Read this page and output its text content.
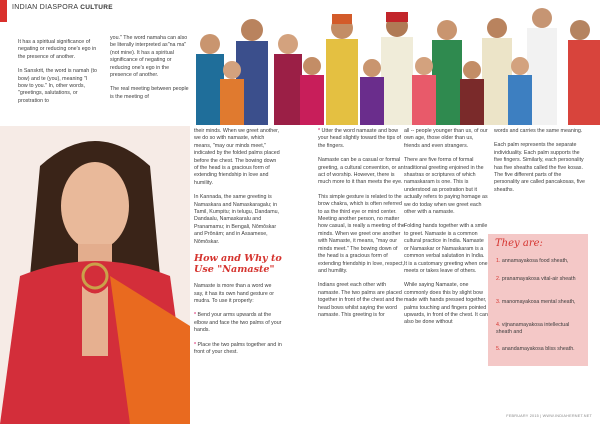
INDIAN DIASPORA CULTURE

It has a spiritual significance of negating or reducing one's ego in the presence of another.

In Sanskrit, the word is namah (to bow) and te (you), meaning "I bow to you." In, other words, "greetings, salutations, or prostration to

you." The word namaha can also be literally interpreted as"na ma" (not mine). It has a spiritual significance of negating or reducing one's ego in the presence of another.

The real meeting between people is the meeting of

their minds. When we greet another, we do so with namaste, which means, "may our minds meet," indicated by the folded palms placed before the chest. The bowing down of the head is a gracious form of extending friendship in love and humility.

In Kannada, the same greeting is Namaskara and Namaskaragalu; in Tamil, Kumpitu; in telugu, Dandamu, Dandaalu, Namaskaralu and Pranamamu; in Bengali, Nômôskar and Prônäm; and in Assamese, Nômôskar.

How and Why to Use "Namaste"

Namaste is more than a word we say, it has its own hand gesture or mudra. To use it properly:

* Bend your arms upwards at the elbow and face the two palms of your hands.

* Place the two palms together and in front of your chest.

* Utter the word namaste and bow your head slightly toward the tips of the fingers.

Namaste can be a casual or formal greeting, a cultural convention, or an act of worship. However, there is much more to it than meets the eye.

This simple gesture is related to the brow chakra, which is often referred to as the third eye or mind center. Meeting another person, no matter how casual, is really a meeting of the minds. When we greet one another with Namaste, it means, "may our minds meet." The bowing down of the head is a gracious form of extending friendship in love, respect, and humility.

Indians greet each other with namaste. The two palms are placed together in front of the chest and the head bows whilst saying the word namaste. This greeting is for

all -- people younger than us, of our own age, those older than us, friends and even strangers.

There are five forms of formal traditional greeting enjoined in the shastras or scriptures of which namaskaram is one. This is understood as prostration but it actually refers to paying homage as we do today when we greet each other with a namaste.

Folding hands together with a smile to greet. Namaste is a common cultural practice in India. Namaste or Namaskar or Namaskaram is a common verbal salutation in India. It is a customary greeting when one meets or takes leave of others.

While saying Namaste, one commonly does this by slight bow made with hands pressed together, palms touching and fingers pointed upwards, in front of the chest. It can also be done without

words and carries the same meaning.

Each palm represents the separate individuality. Each palm supports the five fingers. Similarly, each personality has five sheaths called the five kosas. The five different parts of the personality are called pancakosas, five sheaths.

They are:
1. annamayakosa food sheath,
2. pranamayakosa vital-air sheath
3. manomayakosa mental sheath,
4. vijnanamayakosa intellectual sheath and
5. anandamayakosa bliss sheath.
FEBRUARY 2015 | WWW.INDIAHERNET.NET
